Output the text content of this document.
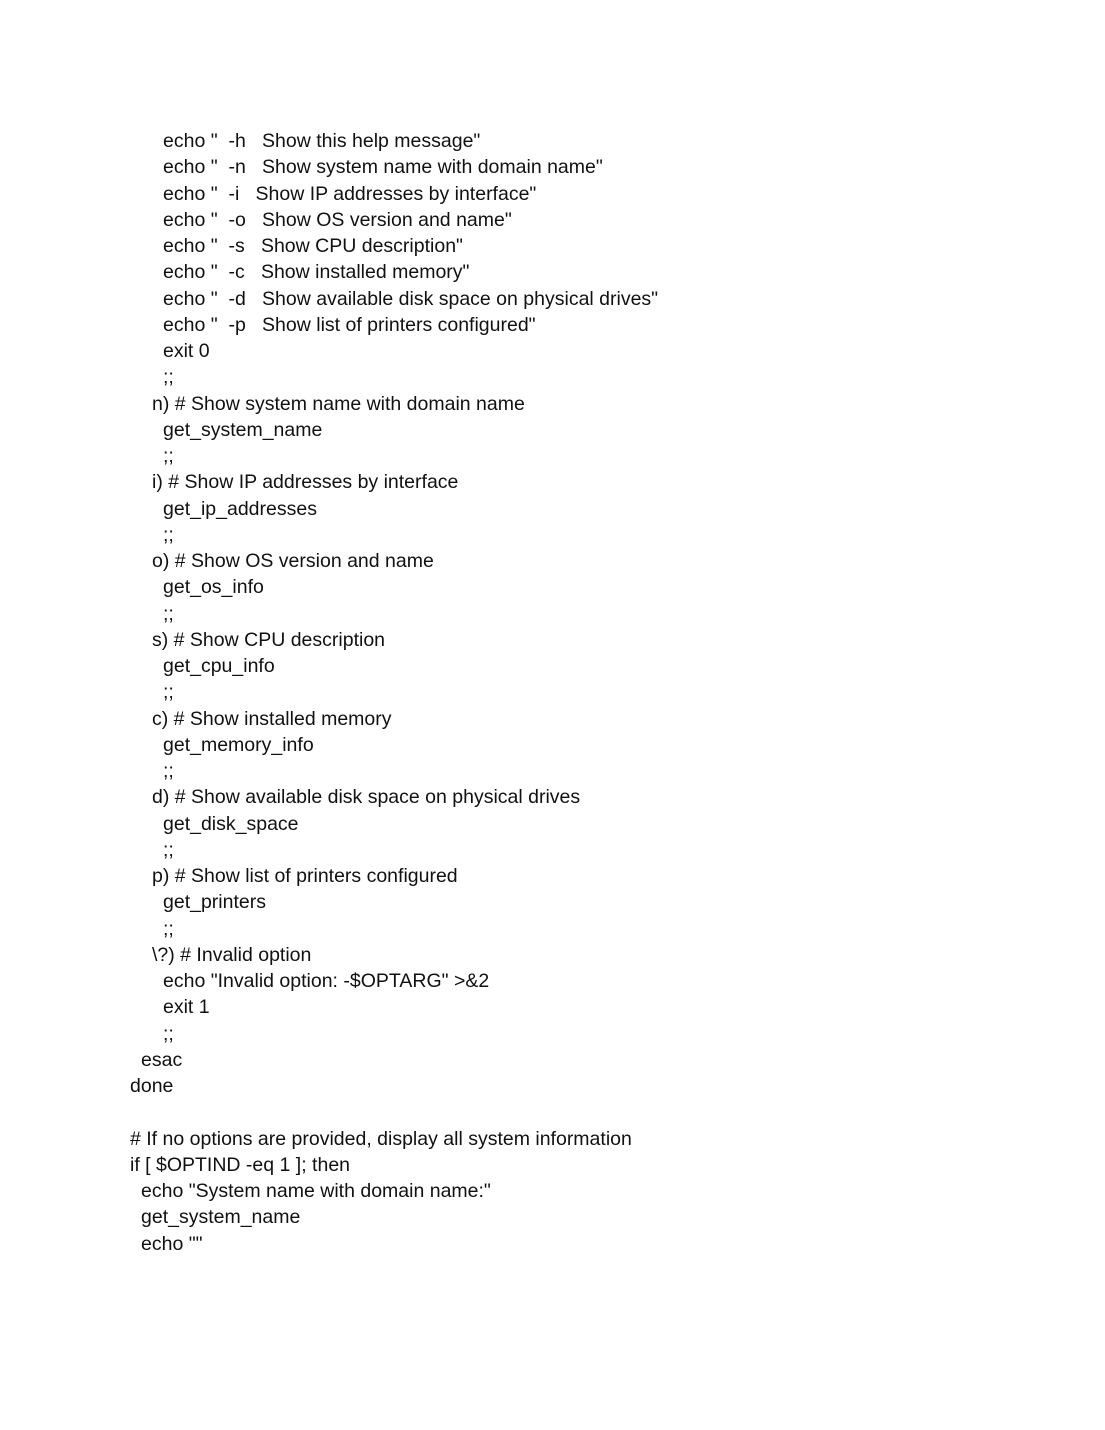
echo "  -h   Show this help message"
echo "  -n   Show system name with domain name"
echo "  -i   Show IP addresses by interface"
echo "  -o   Show OS version and name"
echo "  -s   Show CPU description"
echo "  -c   Show installed memory"
echo "  -d   Show available disk space on physical drives"
echo "  -p   Show list of printers configured"
exit 0
;;
n) # Show system name with domain name
get_system_name
;;
i) # Show IP addresses by interface
get_ip_addresses
;;
o) # Show OS version and name
get_os_info
;;
s) # Show CPU description
get_cpu_info
;;
c) # Show installed memory
get_memory_info
;;
d) # Show available disk space on physical drives
get_disk_space
;;
p) # Show list of printers configured
get_printers
;;
\?) # Invalid option
echo "Invalid option: -$OPTARG" >&2
exit 1
;;
esac
done
# If no options are provided, display all system information
if [ $OPTIND -eq 1 ]; then
echo "System name with domain name:"
get_system_name
echo ""
